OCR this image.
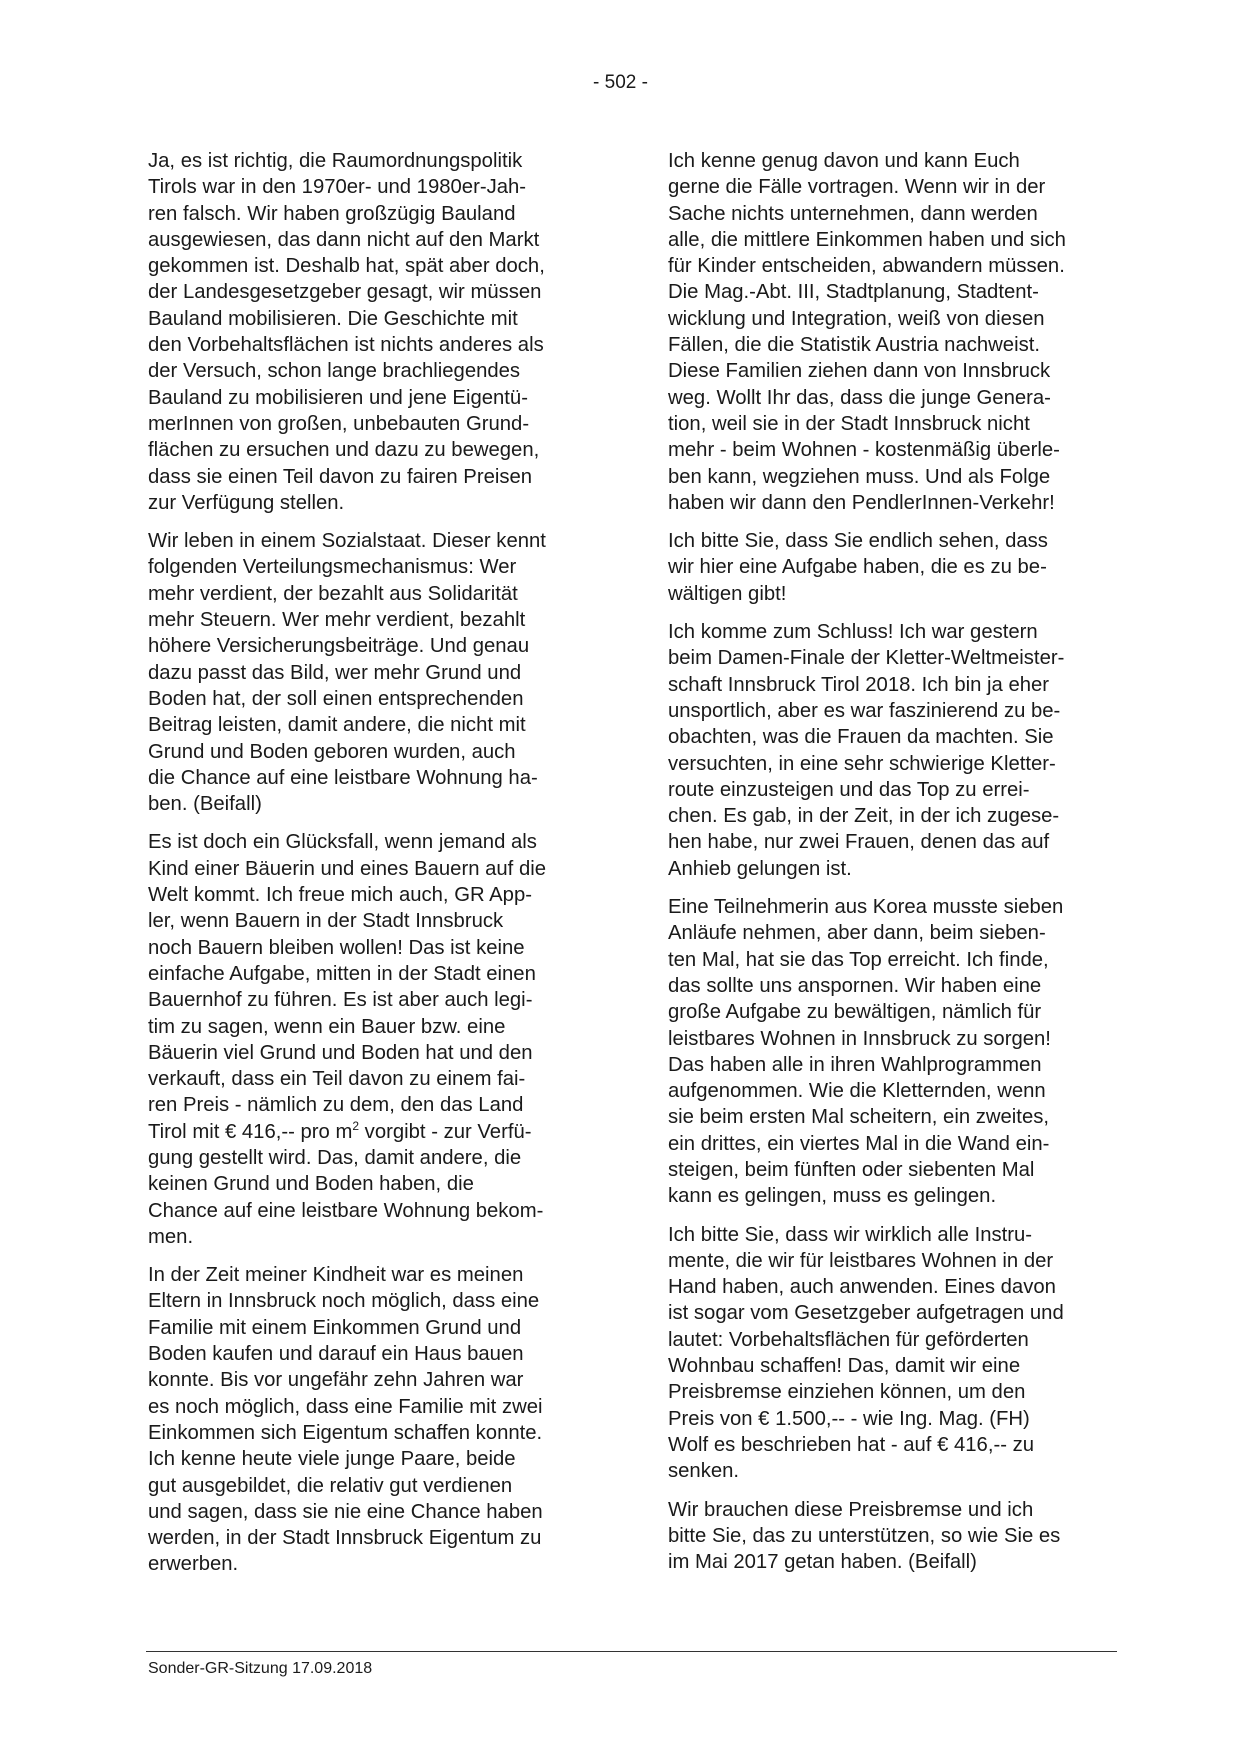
- 502 -
Ja, es ist richtig, die Raumordnungspolitik
Tirols war in den 1970er- und 1980er-Jah-
ren falsch. Wir haben großzügig Bauland
ausgewiesen, das dann nicht auf den Markt
gekommen ist. Deshalb hat, spät aber doch,
der Landesgesetzgeber gesagt, wir müssen
Bauland mobilisieren. Die Geschichte mit
den Vorbehaltsflächen ist nichts anderes als
der Versuch, schon lange brachliegendes
Bauland zu mobilisieren und jene Eigentü-
merInnen von großen, unbebauten Grund-
flächen zu ersuchen und dazu zu bewegen,
dass sie einen Teil davon zu fairen Preisen
zur Verfügung stellen.
Wir leben in einem Sozialstaat. Dieser kennt
folgenden Verteilungsmechanismus: Wer
mehr verdient, der bezahlt aus Solidarität
mehr Steuern. Wer mehr verdient, bezahlt
höhere Versicherungsbeiträge. Und genau
dazu passt das Bild, wer mehr Grund und
Boden hat, der soll einen entsprechenden
Beitrag leisten, damit andere, die nicht mit
Grund und Boden geboren wurden, auch
die Chance auf eine leistbare Wohnung ha-
ben. (Beifall)
Es ist doch ein Glücksfall, wenn jemand als
Kind einer Bäuerin und eines Bauern auf die
Welt kommt. Ich freue mich auch, GR App-
ler, wenn Bauern in der Stadt Innsbruck
noch Bauern bleiben wollen! Das ist keine
einfache Aufgabe, mitten in der Stadt einen
Bauernhof zu führen. Es ist aber auch legi-
tim zu sagen, wenn ein Bauer bzw. eine
Bäuerin viel Grund und Boden hat und den
verkauft, dass ein Teil davon zu einem fai-
ren Preis - nämlich zu dem, den das Land
Tirol mit € 416,-- pro $m^2$ vorgibt - zur Verfü-
gung gestellt wird. Das, damit andere, die
keinen Grund und Boden haben, die
Chance auf eine leistbare Wohnung bekom-
men.
In der Zeit meiner Kindheit war es meinen
Eltern in Innsbruck noch möglich, dass eine
Familie mit einem Einkommen Grund und
Boden kaufen und darauf ein Haus bauen
konnte. Bis vor ungefähr zehn Jahren war
es noch möglich, dass eine Familie mit zwei
Einkommen sich Eigentum schaffen konnte.
Ich kenne heute viele junge Paare, beide
gut ausgebildet, die relativ gut verdienen
und sagen, dass sie nie eine Chance haben
werden, in der Stadt Innsbruck Eigentum zu
erwerben.
Ich kenne genug davon und kann Euch
gerne die Fälle vortragen. Wenn wir in der
Sache nichts unternehmen, dann werden
alle, die mittlere Einkommen haben und sich
für Kinder entscheiden, abwandern müssen.
Die Mag.-Abt. III, Stadtplanung, Stadtent-
wicklung und Integration, weiß von diesen
Fällen, die die Statistik Austria nachweist.
Diese Familien ziehen dann von Innsbruck
weg. Wollt Ihr das, dass die junge Genera-
tion, weil sie in der Stadt Innsbruck nicht
mehr - beim Wohnen - kostenmäßig überle-
ben kann, wegziehen muss. Und als Folge
haben wir dann den PendlerInnen-Verkehr!
Ich bitte Sie, dass Sie endlich sehen, dass
wir hier eine Aufgabe haben, die es zu be-
wältigen gibt!
Ich komme zum Schluss! Ich war gestern
beim Damen-Finale der Kletter-Weltmeister-
schaft Innsbruck Tirol 2018. Ich bin ja eher
unsportlich, aber es war faszinierend zu be-
obachten, was die Frauen da machten. Sie
versuchten, in eine sehr schwierige Kletter-
route einzusteigen und das Top zu errei-
chen. Es gab, in der Zeit, in der ich zugese-
hen habe, nur zwei Frauen, denen das auf
Anhieb gelungen ist.
Eine Teilnehmerin aus Korea musste sieben
Anläufe nehmen, aber dann, beim sieben-
ten Mal, hat sie das Top erreicht. Ich finde,
das sollte uns anspornen. Wir haben eine
große Aufgabe zu bewältigen, nämlich für
leistbares Wohnen in Innsbruck zu sorgen!
Das haben alle in ihren Wahlprogrammen
aufgenommen. Wie die Kletternden, wenn
sie beim ersten Mal scheitern, ein zweites,
ein drittes, ein viertes Mal in die Wand ein-
steigen, beim fünften oder siebenten Mal
kann es gelingen, muss es gelingen.
Ich bitte Sie, dass wir wirklich alle Instru-
mente, die wir für leistbares Wohnen in der
Hand haben, auch anwenden. Eines davon
ist sogar vom Gesetzgeber aufgetragen und
lautet: Vorbehaltsflächen für geförderten
Wohnbau schaffen! Das, damit wir eine
Preisbremse einziehen können, um den
Preis von € 1.500,-- - wie Ing. Mag. (FH)
Wolf es beschrieben hat - auf € 416,-- zu
senken.
Wir brauchen diese Preisbremse und ich
bitte Sie, das zu unterstützen, so wie Sie es
im Mai 2017 getan haben. (Beifall)
Sonder-GR-Sitzung 17.09.2018
